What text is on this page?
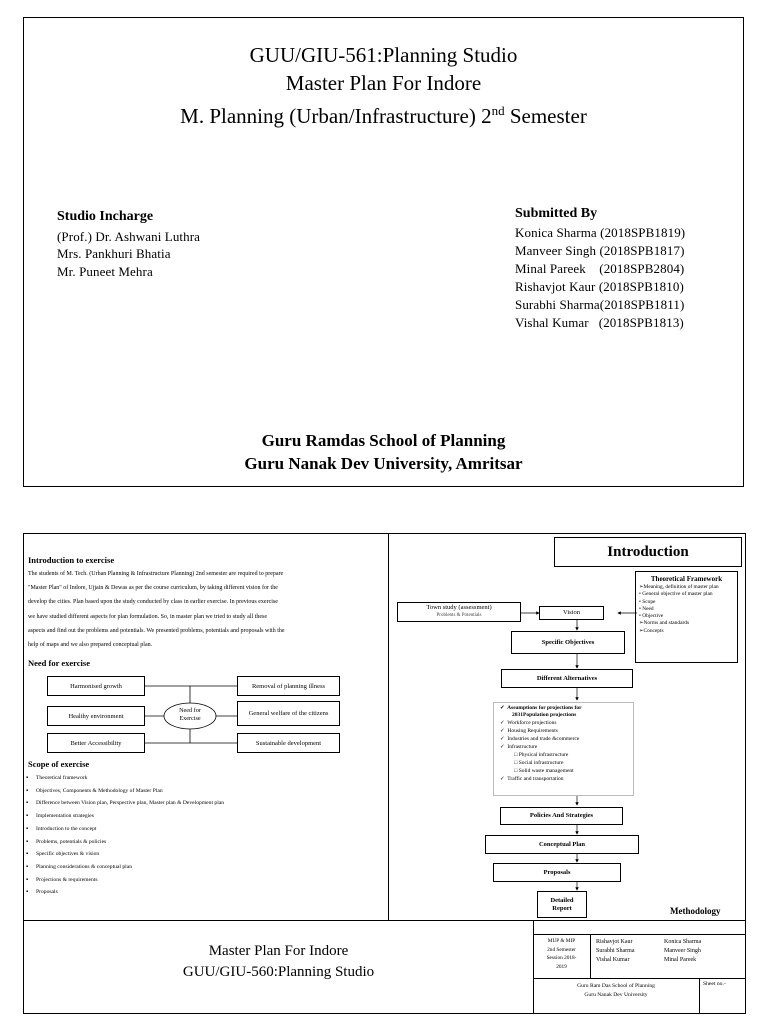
GUU/GIU-561:Planning Studio
Master Plan For Indore
M. Planning (Urban/Infrastructure) 2nd Semester
Studio Incharge
(Prof.) Dr. Ashwani Luthra
Mrs. Pankhuri Bhatia
Mr. Puneet Mehra
Submitted By
Konica Sharma (2018SPB1819)
Manveer Singh (2018SPB1817)
Minal Pareek    (2018SPB2804)
Rishavjot Kaur (2018SPB1810)
Surabhi Sharma(2018SPB1811)
Vishal Kumar   (2018SPB1813)
Guru Ramdas School of Planning
Guru Nanak Dev University, Amritsar
Introduction to exercise
The students of M. Tech. (Urban Planning & Infrastructure Planning) 2nd semester are required to prepare
"Master Plan" of Indore, Ujjain & Dewas as per the course curriculum, by taking different vision for the
develop the cities. Plan based upon the study conducted by class in earlier exercise. In previous exercise
we have studied different aspects for plan formulation. So, in master plan we tried to study all these
aspects and find out the problems and potentials. We presented problems, potentials and proposals with the
help of maps and we also prepared conceptual plan.
Need for exercise
Need for Exercise
Harmonised growth
Healthy environment
Better Accessibility
Removal of planning illness
General welfare of the citizens
Sustainable development
Scope of exercise
▪ Theoretical framework
▪ Objectives, Components & Methodology of Master Plan
▪ Difference between Vision plan, Perspective plan, Master plan & Development plan
▪ Implementation strategies
▪ Introduction to the concept
▪ Problems, potentials & policies
▪ Specific objectives & vision
▪ Planning considerations & conceptual plan
▪ Projections & requirements
▪ Proposals
Introduction
Town study (assessment)
Problems & Potentials	Vision
Specific Objectives
Different Alternatives
✓ Assumptions for projections for
2031Population projections
✓ Workforce projections
✓ Housing Requirements
✓ Industries and trade &commerce
✓ Infrastructure
□ Physical infrastructure
□ Social infrastructure
□ Solid waste management
✓ Traffic and transportation
Policies And Strategies
Conceptual Plan
Proposals
Detailed Report	Methodology
Theoretical Framework
➢Meaning, definition of master plan
• General objective of master plan
• Scope
• Need
• Objective
➢Norms and standards
➢Concepts
Master Plan For Indore
GUU/GIU-560:Planning Studio
MUP & MIP
2nd Semester
Session 2018-
2019
Rishavjot Kaur
Surabhi Sharma
Vishal Kumar
Konica Sharma
Manveer Singh
Minal Pareek
Guru Ram Das School of Planning
Guru Nanak Dev University
Sheet no.-
